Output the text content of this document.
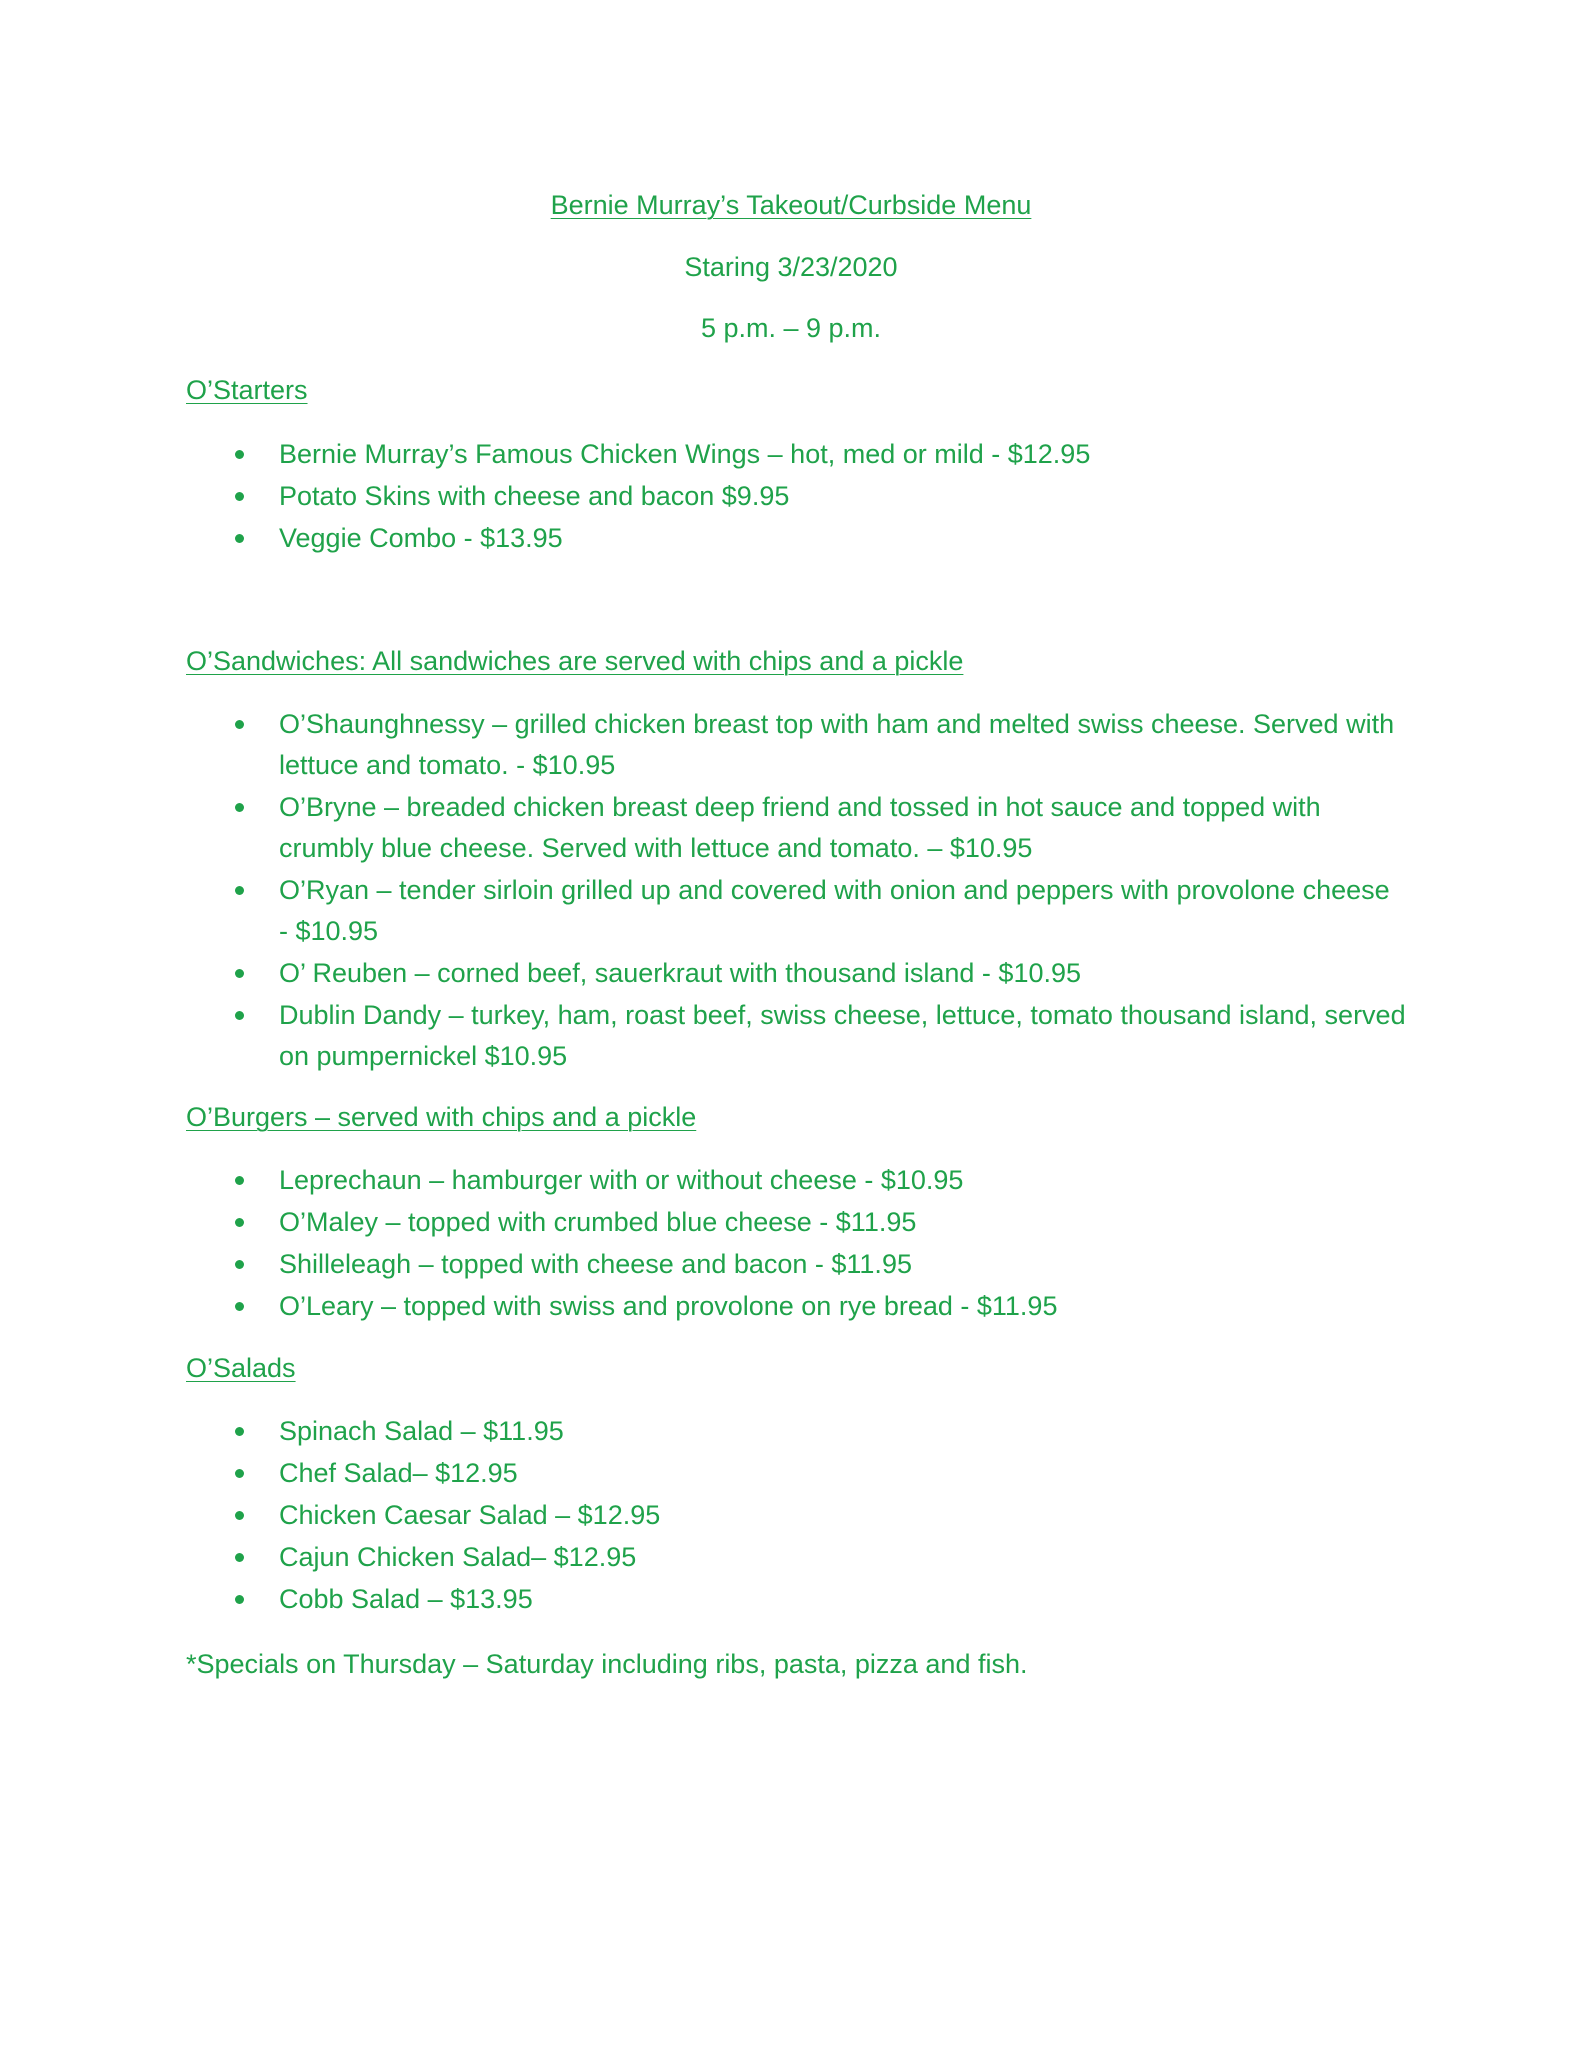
Bernie Murray’s Takeout/Curbside Menu
Staring 3/23/2020
5 p.m. – 9 p.m.
O’Starters
Bernie Murray’s Famous Chicken Wings – hot, med or mild - $12.95
Potato Skins with cheese and bacon $9.95
Veggie Combo - $13.95
O’Sandwiches: All sandwiches are served with chips and a pickle
O’Shaunghnessy – grilled chicken breast top with ham and melted swiss cheese. Served with lettuce and tomato. - $10.95
O’Bryne – breaded chicken breast deep friend and tossed in hot sauce and topped with crumbly blue cheese. Served with lettuce and tomato. – $10.95
O’Ryan – tender sirloin grilled up and covered with onion and peppers with provolone cheese - $10.95
O’ Reuben – corned beef, sauerkraut with thousand island - $10.95
Dublin Dandy – turkey, ham, roast beef, swiss cheese, lettuce, tomato thousand island, served on pumpernickel $10.95
O’Burgers – served with chips and a pickle
Leprechaun – hamburger with or without cheese - $10.95
O’Maley – topped with crumbed blue cheese - $11.95
Shilleleagh – topped with cheese and bacon - $11.95
O’Leary – topped with swiss and provolone on rye bread - $11.95
O’Salads
Spinach Salad – $11.95
Chef Salad– $12.95
Chicken Caesar Salad – $12.95
Cajun Chicken Salad– $12.95
Cobb Salad – $13.95
*Specials on Thursday – Saturday including ribs, pasta, pizza and fish.
